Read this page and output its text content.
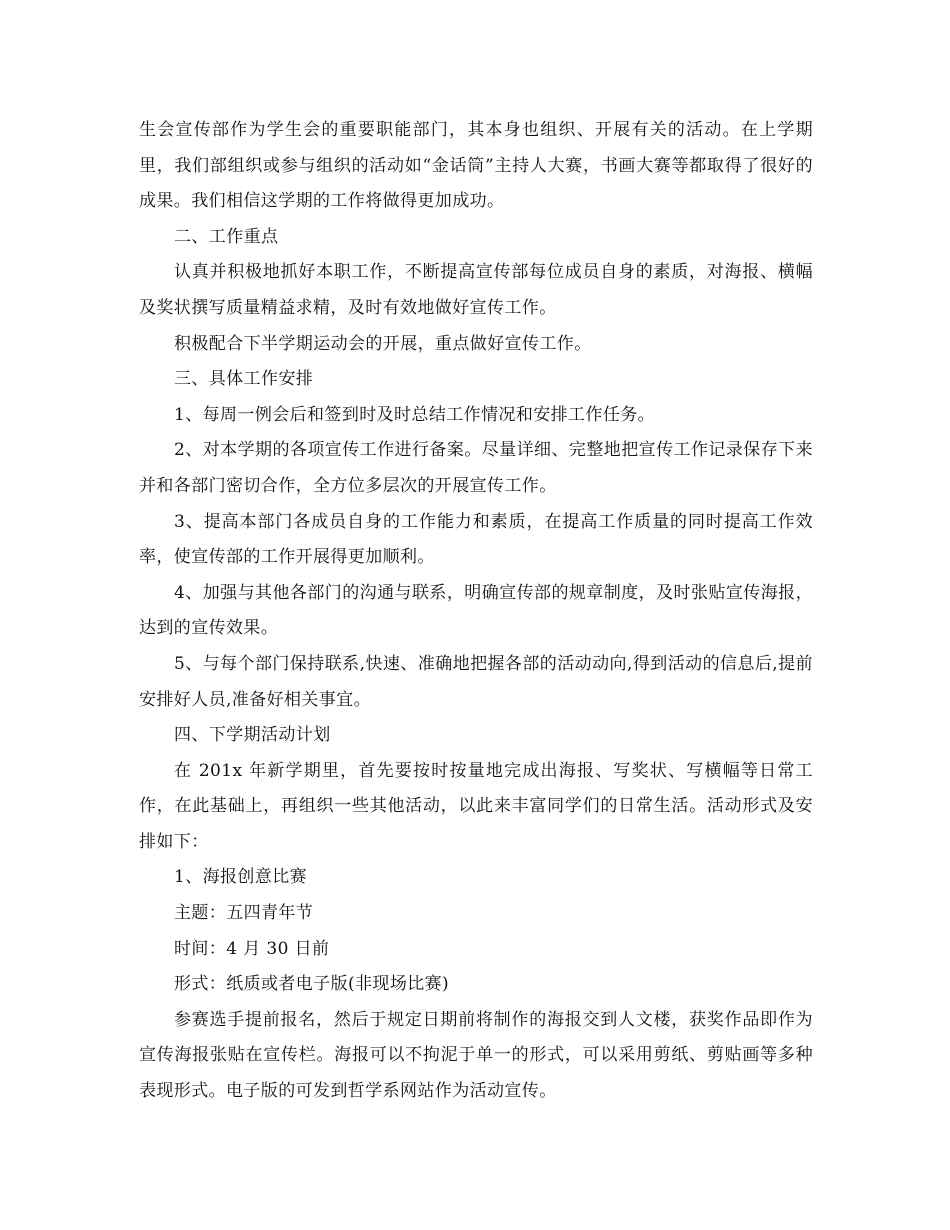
生会宣传部作为学生会的重要职能部门，其本身也组织、开展有关的活动。在上学期里，我们部组织或参与组织的活动如“金话筒”主持人大赛，书画大赛等都取得了很好的成果。我们相信这学期的工作将做得更加成功。

二、工作重点

认真并积极地抓好本职工作，不断提高宣传部每位成员自身的素质，对海报、横幅及奖状撰写质量精益求精，及时有效地做好宣传工作。

积极配合下半学期运动会的开展，重点做好宣传工作。

三、具体工作安排

1、每周一例会后和签到时及时总结工作情况和安排工作任务。

2、对本学期的各项宣传工作进行备案。尽量详细、完整地把宣传工作记录保存下来并和各部门密切合作，全方位多层次的开展宣传工作。

3、提高本部门各成员自身的工作能力和素质，在提高工作质量的同时提高工作效率，使宣传部的工作开展得更加顺利。

4、加强与其他各部门的沟通与联系，明确宣传部的规章制度，及时张贴宣传海报，达到的宣传效果。

5、与每个部门保持联系,快速、准确地把握各部的活动动向,得到活动的信息后,提前安排好人员,准备好相关事宜。

四、下学期活动计划

在 201x 年新学期里，首先要按时按量地完成出海报、写奖状、写横幅等日常工作，在此基础上，再组织一些其他活动，以此来丰富同学们的日常生活。活动形式及安排如下：

1、海报创意比赛

主题：五四青年节

时间：4 月 30 日前

形式：纸质或者电子版(非现场比赛)

参赛选手提前报名，然后于规定日期前将制作的海报交到人文楼，获奖作品即作为宣传海报张贴在宣传栏。海报可以不拘泥于单一的形式，可以采用剪纸、剪贴画等多种表现形式。电子版的可发到哲学系网站作为活动宣传。
